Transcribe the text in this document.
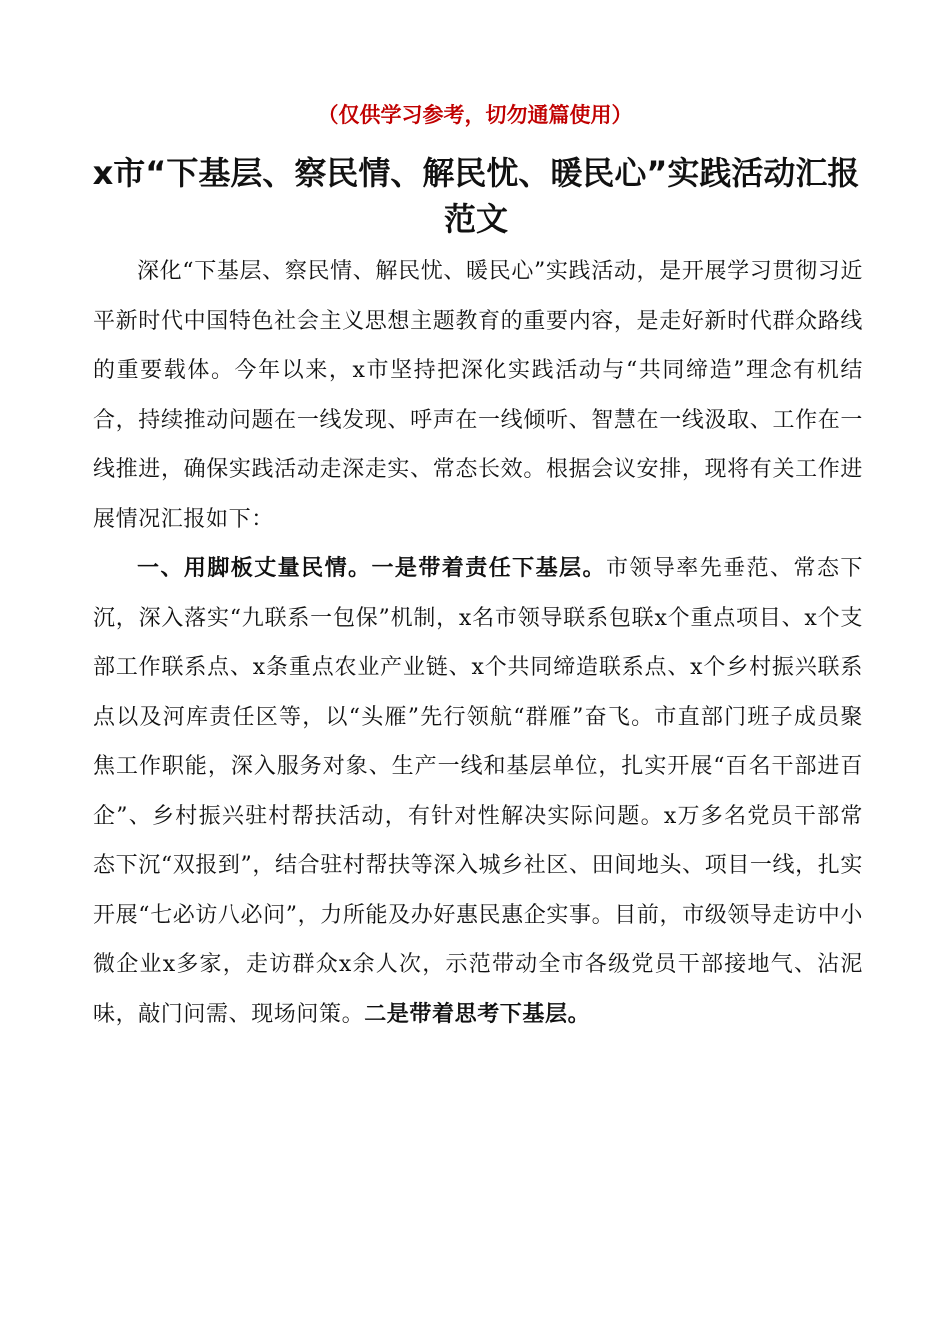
（仅供学习参考，切勿通篇使用）
x市“下基层、察民情、解民忧、暖民心”实践活动汇报范文

深化“下基层、察民情、解民忧、暖民心”实践活动，是开展学习贯彻习近平新时代中国特色社会主义思想主题教育的重要内容，是走好新时代群众路线的重要载体。今年以来，x市坚持把深化实践活动与“共同缔造”理念有机结合，持续推动问题在一线发现、呼声在一线倾听、智慧在一线汲取、工作在一线推进，确保实践活动走深走实、常态长效。根据会议安排，现将有关工作进展情况汇报如下：

一、用脚板丈量民情。一是带着责任下基层。市领导率先垂范、常态下沉，深入落实“九联系一包保”机制，x名市领导联系包联x个重点项目、x个支部工作联系点、x条重点农业产业链、x个共同缔造联系点、x个乡村振兴联系点以及河库责任区等，以“头雁”先行领航“群雁”奋飞。市直部门班子成员聚焦工作职能，深入服务对象、生产一线和基层单位，扎实开展“百名干部进百企”、乡村振兴驻村帮扶活动，有针对性解决实际问题。x万多名党员干部常态下沉“双报到”，结合驻村帮扶等深入城乡社区、田间地头、项目一线，扎实开展“七必访八必问”，力所能及办好惠民惠企实事。目前，市级领导走访中小微企业x多家，走访群众x余人次，示范带动全市各级党员干部接地气、沾泥味，敲门问需、现场问策。二是带着思考下基层。
